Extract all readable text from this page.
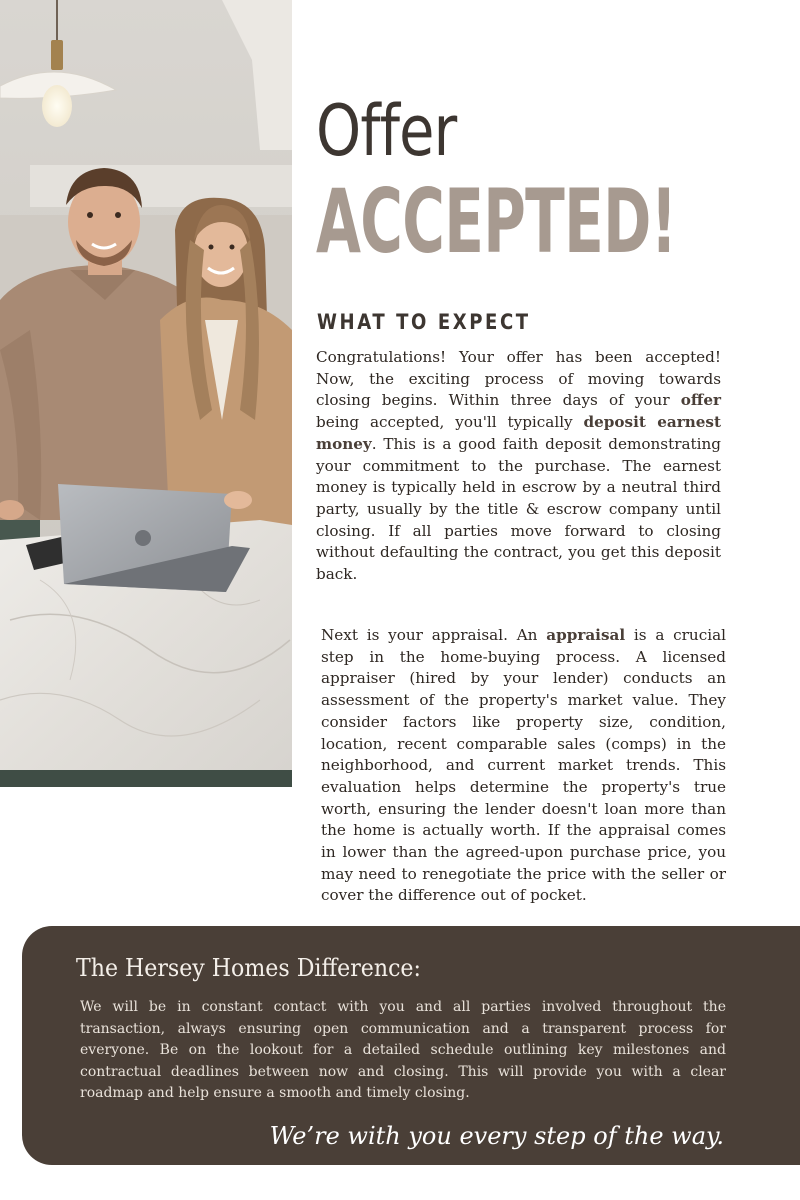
Offer
ACCEPTED!
WHAT TO EXPECT

Congratulations! Your offer has been accepted! Now, the exciting process of moving towards closing begins. Within three days of your offer being accepted, you'll typically deposit earnest money. This is a good faith deposit demonstrating your commitment to the purchase. The earnest money is typically held in escrow by a neutral third party, usually by the title & escrow company until closing. If all parties move forward to closing without defaulting the contract, you get this deposit back.

Next is your appraisal. An appraisal is a crucial step in the home-buying process. A licensed appraiser (hired by your lender) conducts an assessment of the property's market value. They consider factors like property size, condition, location, recent comparable sales (comps) in the neighborhood, and current market trends. This evaluation helps determine the property's true worth, ensuring the lender doesn't loan more than the home is actually worth. If the appraisal comes in lower than the agreed-upon purchase price, you may need to renegotiate the price with the seller or cover the difference out of pocket.

The Hersey Homes Difference:

We will be in constant contact with you and all parties involved throughout the transaction, always ensuring open communication and a transparent process for everyone. Be on the lookout for a detailed schedule outlining key milestones and contractual deadlines between now and closing. This will provide you with a clear roadmap and help ensure a smooth and timely closing.

We’re with you every step of the way.
